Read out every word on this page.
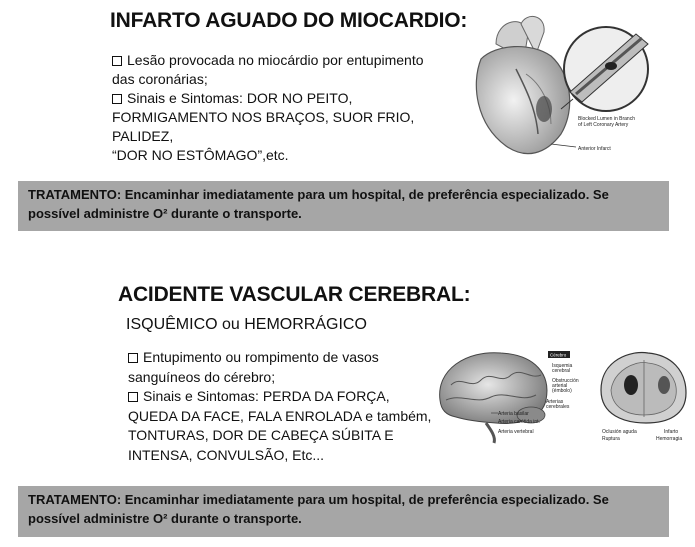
INFARTO AGUADO DO MIOCARDIO:
Lesão provocada no miocárdio por entupimento
das coronárias;
Sinais e Sintomas: DOR NO PEITO,
FORMIGAMENTO NOS BRAÇOS, SUOR FRIO, PALIDEZ,
“DOR NO ESTÔMAGO”,etc.
Blocked Lumen in Branch
of Left Coronary Artery
Anterior Infarct
TRATAMENTO: Encaminhar imediatamente para um hospital, de preferência especializado. Se
possível administre O² durante o transporte.
ACIDENTE VASCULAR CEREBRAL:
ISQUÊMICO ou HEMORRÁGICO
Entupimento ou rompimento de vasos
sanguíneos do cérebro;
Sinais e Sintomas: PERDA DA FORÇA,
QUEDA DA FACE, FALA ENROLADA e também,
TONTURAS, DOR DE CABEÇA SÚBITA E
INTENSA, CONVULSÃO, Etc...
Cérebro
Isquemia
cerebral
Obstrucción
arterial
(émbolo)
Arterias
cerebrales
Arteria basilar
Arteria carótida int.
Arteria vertebral	Oclusión aguda	Infarto
Ruptura	Hemorragia
TRATAMENTO: Encaminhar imediatamente para um hospital, de preferência especializado. Se
possível administre O² durante o transporte.
